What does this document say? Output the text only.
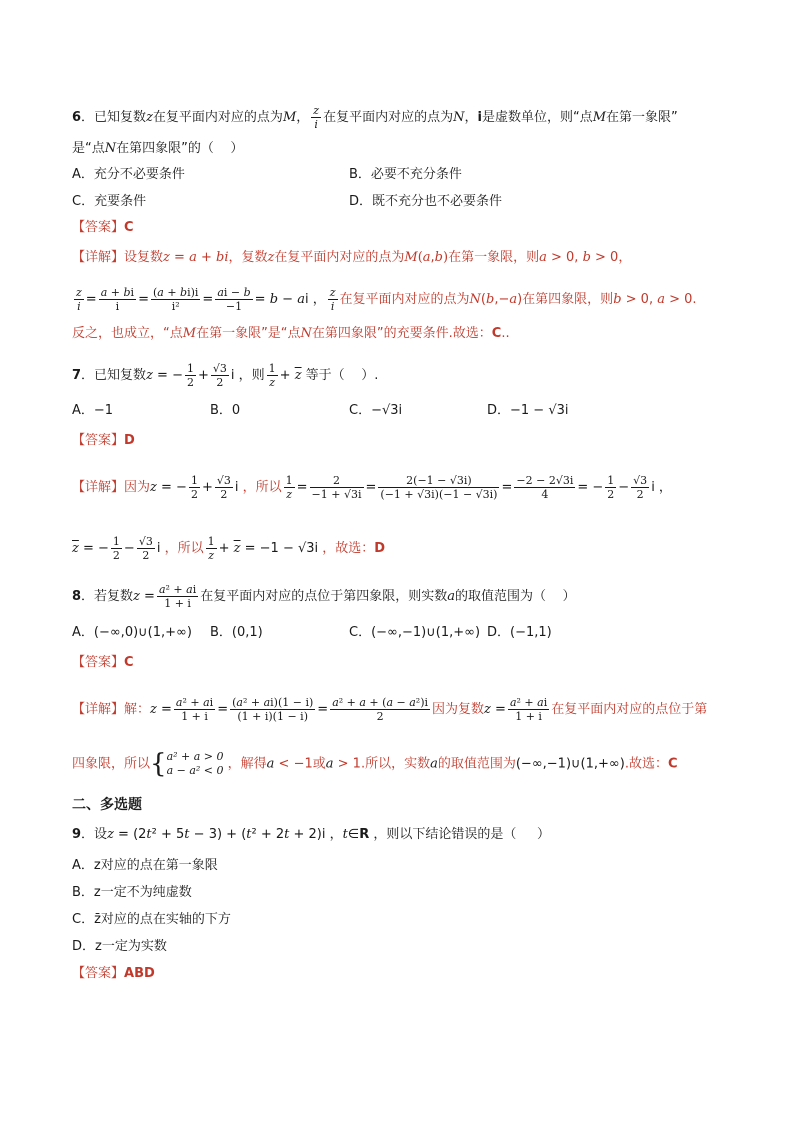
6．已知复数z在复平面内对应的点为M， $\frac{z}{i}$ 在复平面内对应的点为N，i是虚数单位，则“点M在第一象限”
是“点N在第四象限”的（    ）
A．充分不必要条件	B．必要不充分条件
C．充要条件	D．既不充分也不必要条件
【答案】C
【详解】设复数z = a + bi，复数z在复平面内对应的点为M(a,b)在第一象限，则a > 0, b > 0，
$\frac{z}{i} = \frac{a + bi}{i} = \frac{(a + bi)i}{\text{i²}} = \frac{ai - b}{-1} = b$ − ai ， $\frac{z}{i}$ 在复平面内对应的点为N(b,−a)在第四象限，则b > 0, a > 0.
反之，也成立，“点M在第一象限”是“点N在第四象限”的充要条件.故选：C..
7．已知复数z = − $\frac{1}{2} + \frac{√3}{2}$ i ，则 $\frac{1}{z} + \overline{z}$ 等于（    ）.
A．−1	B．0	C．−√3i	D．−1 − √3i
【答案】D
【详解】因为z = − $\frac{1}{2} + \frac{√3}{2}$ i ，所以 $\frac{1}{z} = \frac{2}{-1 + √3i} = \frac{2(-1 - √3i)}{(-1 + √3i)(-1 - √3i)} = \frac{-2 - 2√3i}{4}$ = − $\frac{1}{2} - \frac{√3}{2}$ i ，
$\overline{z}$ = − $\frac{1}{2} - \frac{√3}{2}$ i ，所以 $\frac{1}{z} + \overline{z} = -1 - √3i$ ，故选：D
8．若复数$z = \frac{\text{a² + ai}}{1 + i}$ 在复平面内对应的点位于第四象限，则实数a的取值范围为（    ）
A．(−∞,0)∪(1,+∞) B．(0,1)	C．(−∞,−1)∪(1,+∞) D．(−1,1)
【答案】C
【详解】解：$z = \frac{\text{a² + ai}}{1 + i} = \frac{\text{(a² + ai)(1 − i)}}{(1 + i)(1 - i)} = \frac{\text{a² + a + (a − a²)i}}{2}$ 因为复数$z = \frac{\text{a² + ai}}{1 + i}$ 在复平面内对应的点位于第
四象限，所以{ a² + a > 0
a − a² < 0 ，解得a < −1或a > 1.所以，实数a的取值范围为(−∞,−1)∪(1,+∞).故选：C
二、多选题
9．设z = (2t² + 5t − 3) + (t² + 2t + 2)i ，t∈R ，则以下结论错误的是（     ）
A．z对应的点在第一象限
B．z一定不为纯虚数
C．z̄对应的点在实轴的下方
D．z一定为实数
【答案】ABD
